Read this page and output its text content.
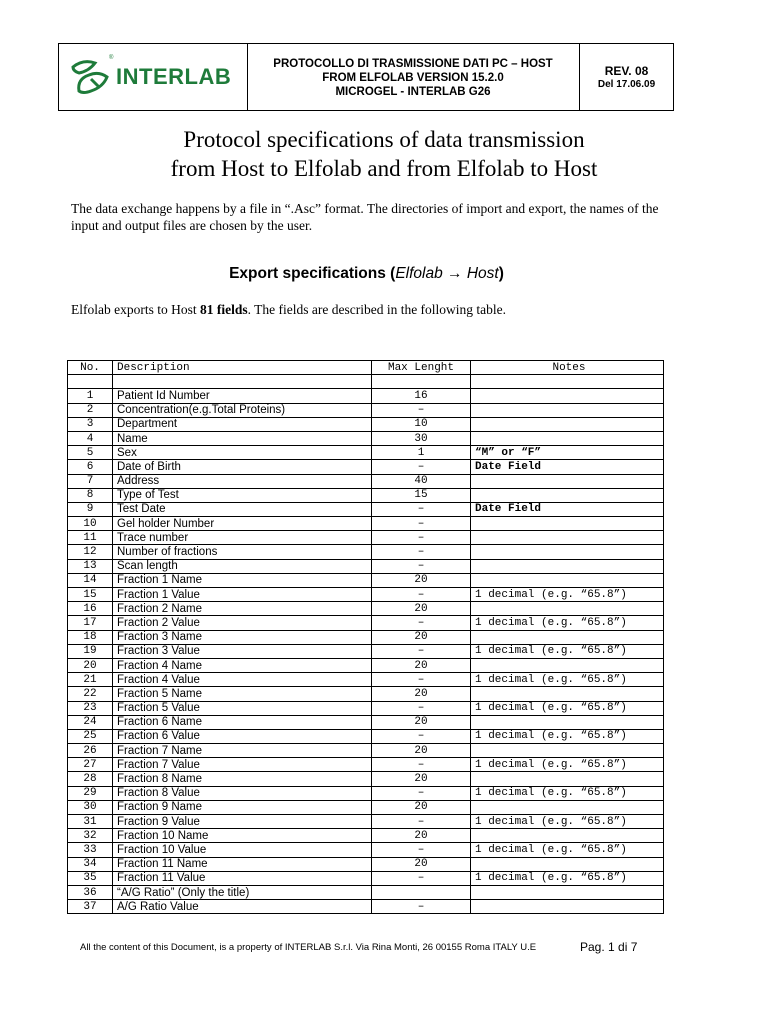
®
INTERLAB	PROTOCOLLO DI TRASMISSIONE DATI PC – HOST
FROM ELFOLAB VERSION 15.2.0
MICROGEL - INTERLAB G26
REV. 08
Del 17.06.09
Protocol specifications of data transmission
from Host to Elfolab and from Elfolab to Host
The data exchange happens by a file in “.Asc” format. The directories of import and export, the names of the input and output files are chosen by the user.
Export specifications (Elfolab → Host)
Elfolab exports to Host 81 fields. The fields are described in the following table.
No.	Description	Max Lenght	Notes

1	Patient Id Number	16	
2	Concentration(e.g.Total Proteins)	–	
3	Department	10	
4	Name	30	
5	Sex	1	“M” or “F”
6	Date of Birth	–	Date Field
7	Address	40	
8	Type of Test	15	
9	Test Date	–	Date Field
10	Gel holder Number	–	
11	Trace number	–	
12	Number of fractions	–	
13	Scan length	–	
14	Fraction 1 Name	20	
15	Fraction 1 Value	–	1 decimal (e.g. “65.8”)
16	Fraction 2 Name	20	
17	Fraction 2 Value	–	1 decimal (e.g. “65.8”)
18	Fraction 3 Name	20	
19	Fraction 3 Value	–	1 decimal (e.g. “65.8”)
20	Fraction 4 Name	20	
21	Fraction 4 Value	–	1 decimal (e.g. “65.8”)
22	Fraction 5 Name	20	
23	Fraction 5 Value	–	1 decimal (e.g. “65.8”)
24	Fraction 6 Name	20	
25	Fraction 6 Value	–	1 decimal (e.g. “65.8”)
26	Fraction 7 Name	20	
27	Fraction 7 Value	–	1 decimal (e.g. “65.8”)
28	Fraction 8 Name	20	
29	Fraction 8 Value	–	1 decimal (e.g. “65.8”)
30	Fraction 9 Name	20	
31	Fraction 9 Value	–	1 decimal (e.g. “65.8”)
32	Fraction 10 Name	20	
33	Fraction 10 Value	–	1 decimal (e.g. “65.8”)
34	Fraction 11 Name	20	
35	Fraction 11 Value	–	1 decimal (e.g. “65.8”)
36	“A/G Ratio” (Only the title)		
37	A/G Ratio Value	–	
All the content of this Document, is a property of INTERLAB S.r.l. Via Rina Monti, 26 00155 Roma ITALY U.E	Pag. 1 di 7
